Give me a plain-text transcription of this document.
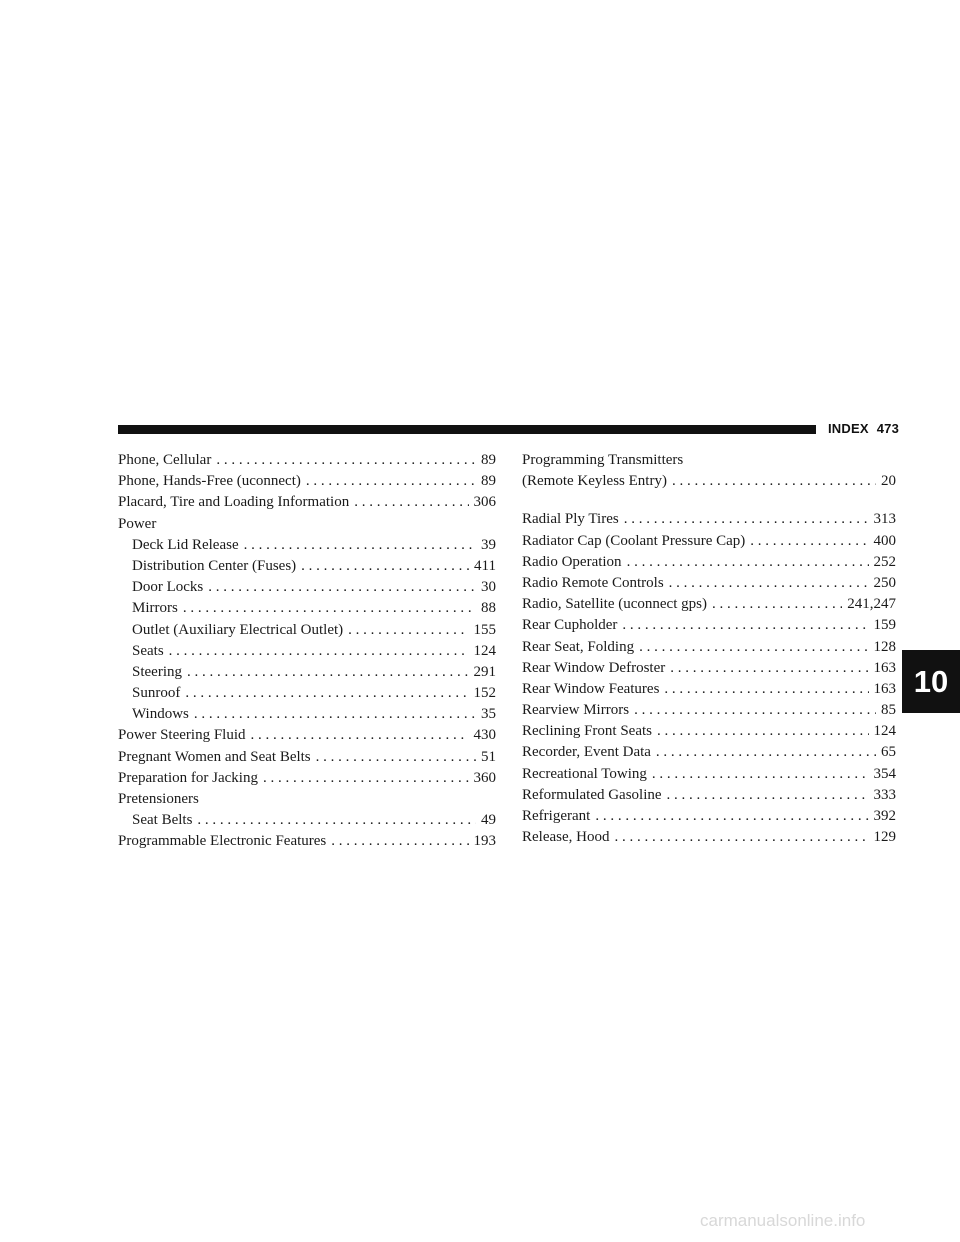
INDEX 473
Phone, Cellular . . .	89
Phone, Hands-Free (uconnect) . . .	89
Placard, Tire and Loading Information . . .	306
Power
Deck Lid Release . . .	39
Distribution Center (Fuses) . . .	411
Door Locks . . .	30
Mirrors . . .	88
Outlet (Auxiliary Electrical Outlet) . . .	155
Seats . . .	124
Steering . . .	291
Sunroof . . .	152
Windows . . .	35
Power Steering Fluid . . .	430
Pregnant Women and Seat Belts . . .	51
Preparation for Jacking . . .	360
Pretensioners
Seat Belts . . .	49
Programmable Electronic Features . . .	193
Programming Transmitters
(Remote Keyless Entry) . . .	20
Radial Ply Tires . . .	313
Radiator Cap (Coolant Pressure Cap) . . .	400
Radio Operation . . .	252
Radio Remote Controls . . .	250
Radio, Satellite (uconnect gps) . . .	241,247
Rear Cupholder . . .	159
Rear Seat, Folding . . .	128
Rear Window Defroster . . .	163
Rear Window Features . . .	163
Rearview Mirrors . . .	85
Reclining Front Seats . . .	124
Recorder, Event Data . . .	65
Recreational Towing . . .	354
Reformulated Gasoline . . .	333
Refrigerant . . .	392
Release, Hood . . .	129
10
carmanualsonline.info
